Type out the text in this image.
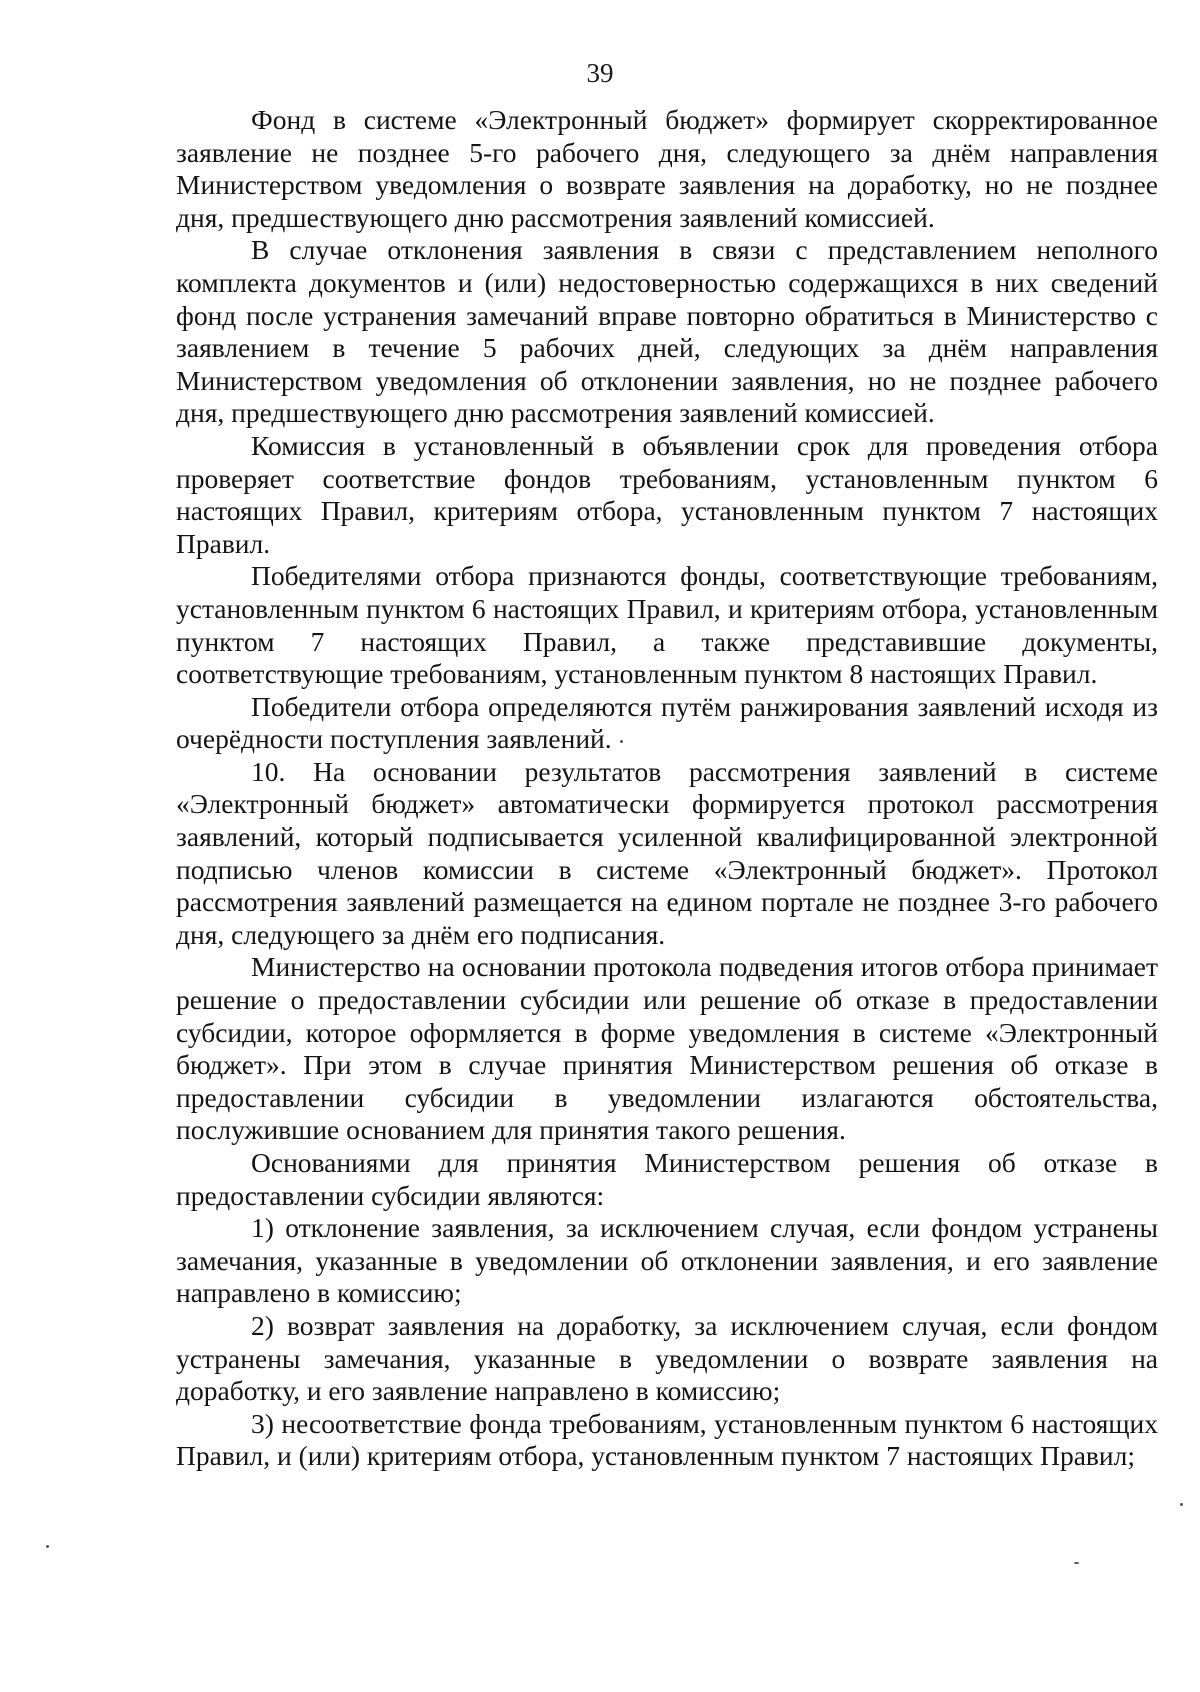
39

Фонд в системе «Электронный бюджет» формирует скорректированное заявление не позднее 5-го рабочего дня, следующего за днём направления Министерством уведомления о возврате заявления на доработку, но не позднее дня, предшествующего дню рассмотрения заявлений комиссией.

В случае отклонения заявления в связи с представлением неполного комплекта документов и (или) недостоверностью содержащихся в них сведений фонд после устранения замечаний вправе повторно обратиться в Министерство с заявлением в течение 5 рабочих дней, следующих за днём направления Министерством уведомления об отклонении заявления, но не позднее рабочего дня, предшествующего дню рассмотрения заявлений комиссией.

Комиссия в установленный в объявлении срок для проведения отбора проверяет соответствие фондов требованиям, установленным пунктом 6 настоящих Правил, критериям отбора, установленным пунктом 7 настоящих Правил.

Победителями отбора признаются фонды, соответствующие требованиям, установленным пунктом 6 настоящих Правил, и критериям отбора, установленным пунктом 7 настоящих Правил, а также представившие документы, соответствующие требованиям, установленным пунктом 8 настоящих Правил.

Победители отбора определяются путём ранжирования заявлений исходя из очерёдности поступления заявлений.

10. На основании результатов рассмотрения заявлений в системе «Электронный бюджет» автоматически формируется протокол рассмотрения заявлений, который подписывается усиленной квалифицированной электронной подписью членов комиссии в системе «Электронный бюджет». Протокол рассмотрения заявлений размещается на едином портале не позднее 3-го рабочего дня, следующего за днём его подписания.

Министерство на основании протокола подведения итогов отбора принимает решение о предоставлении субсидии или решение об отказе в предоставлении субсидии, которое оформляется в форме уведомления в системе «Электронный бюджет». При этом в случае принятия Министерством решения об отказе в предоставлении субсидии в уведомлении излагаются обстоятельства, послужившие основанием для принятия такого решения.

Основаниями для принятия Министерством решения об отказе в предоставлении субсидии являются:

1) отклонение заявления, за исключением случая, если фондом устранены замечания, указанные в уведомлении об отклонении заявления, и его заявление направлено в комиссию;

2) возврат заявления на доработку, за исключением случая, если фондом устранены замечания, указанные в уведомлении о возврате заявления на доработку, и его заявление направлено в комиссию;

3) несоответствие фонда требованиям, установленным пунктом 6 настоящих Правил, и (или) критериям отбора, установленным пунктом 7 настоящих Правил;
